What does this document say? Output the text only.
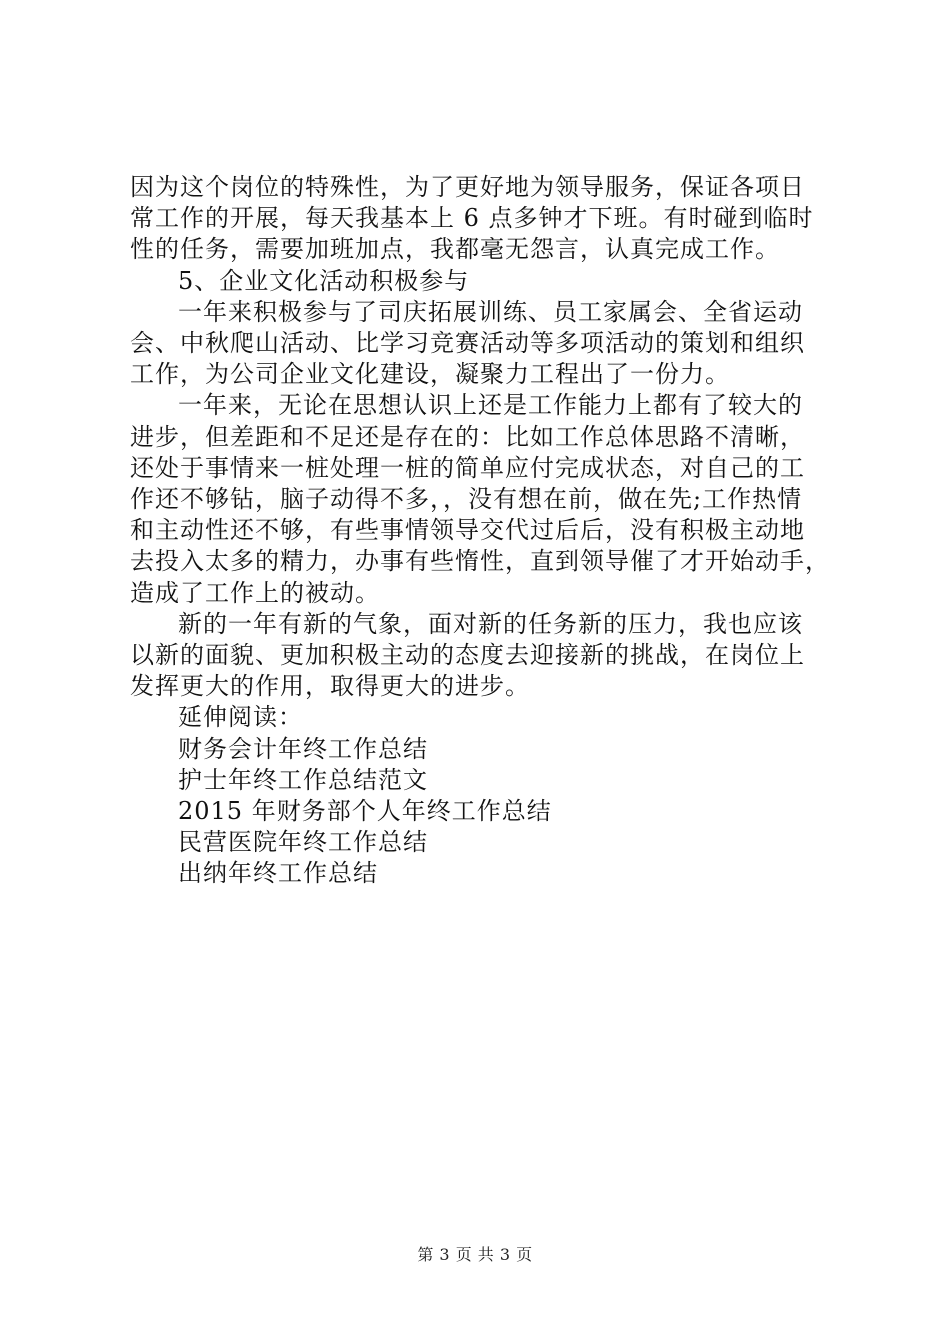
因为这个岗位的特殊性，为了更好地为领导服务，保证各项日
常工作的开展，每天我基本上 6 点多钟才下班。有时碰到临时
性的任务，需要加班加点，我都毫无怨言，认真完成工作。
5、企业文化活动积极参与
一年来积极参与了司庆拓展训练、员工家属会、全省运动
会、中秋爬山活动、比学习竞赛活动等多项活动的策划和组织
工作，为公司企业文化建设，凝聚力工程出了一份力。
一年来，无论在思想认识上还是工作能力上都有了较大的
进步，但差距和不足还是存在的：比如工作总体思路不清晰，
还处于事情来一桩处理一桩的简单应付完成状态，对自己的工
作还不够钻，脑子动得不多，，没有想在前，做在先;工作热情
和主动性还不够，有些事情领导交代过后后，没有积极主动地
去投入太多的精力，办事有些惰性，直到领导催了才开始动手，
造成了工作上的被动。
新的一年有新的气象，面对新的任务新的压力，我也应该
以新的面貌、更加积极主动的态度去迎接新的挑战，在岗位上
发挥更大的作用，取得更大的进步。
延伸阅读：
财务会计年终工作总结
护士年终工作总结范文
2015 年财务部个人年终工作总结
民营医院年终工作总结
出纳年终工作总结
第 3 页 共 3 页
